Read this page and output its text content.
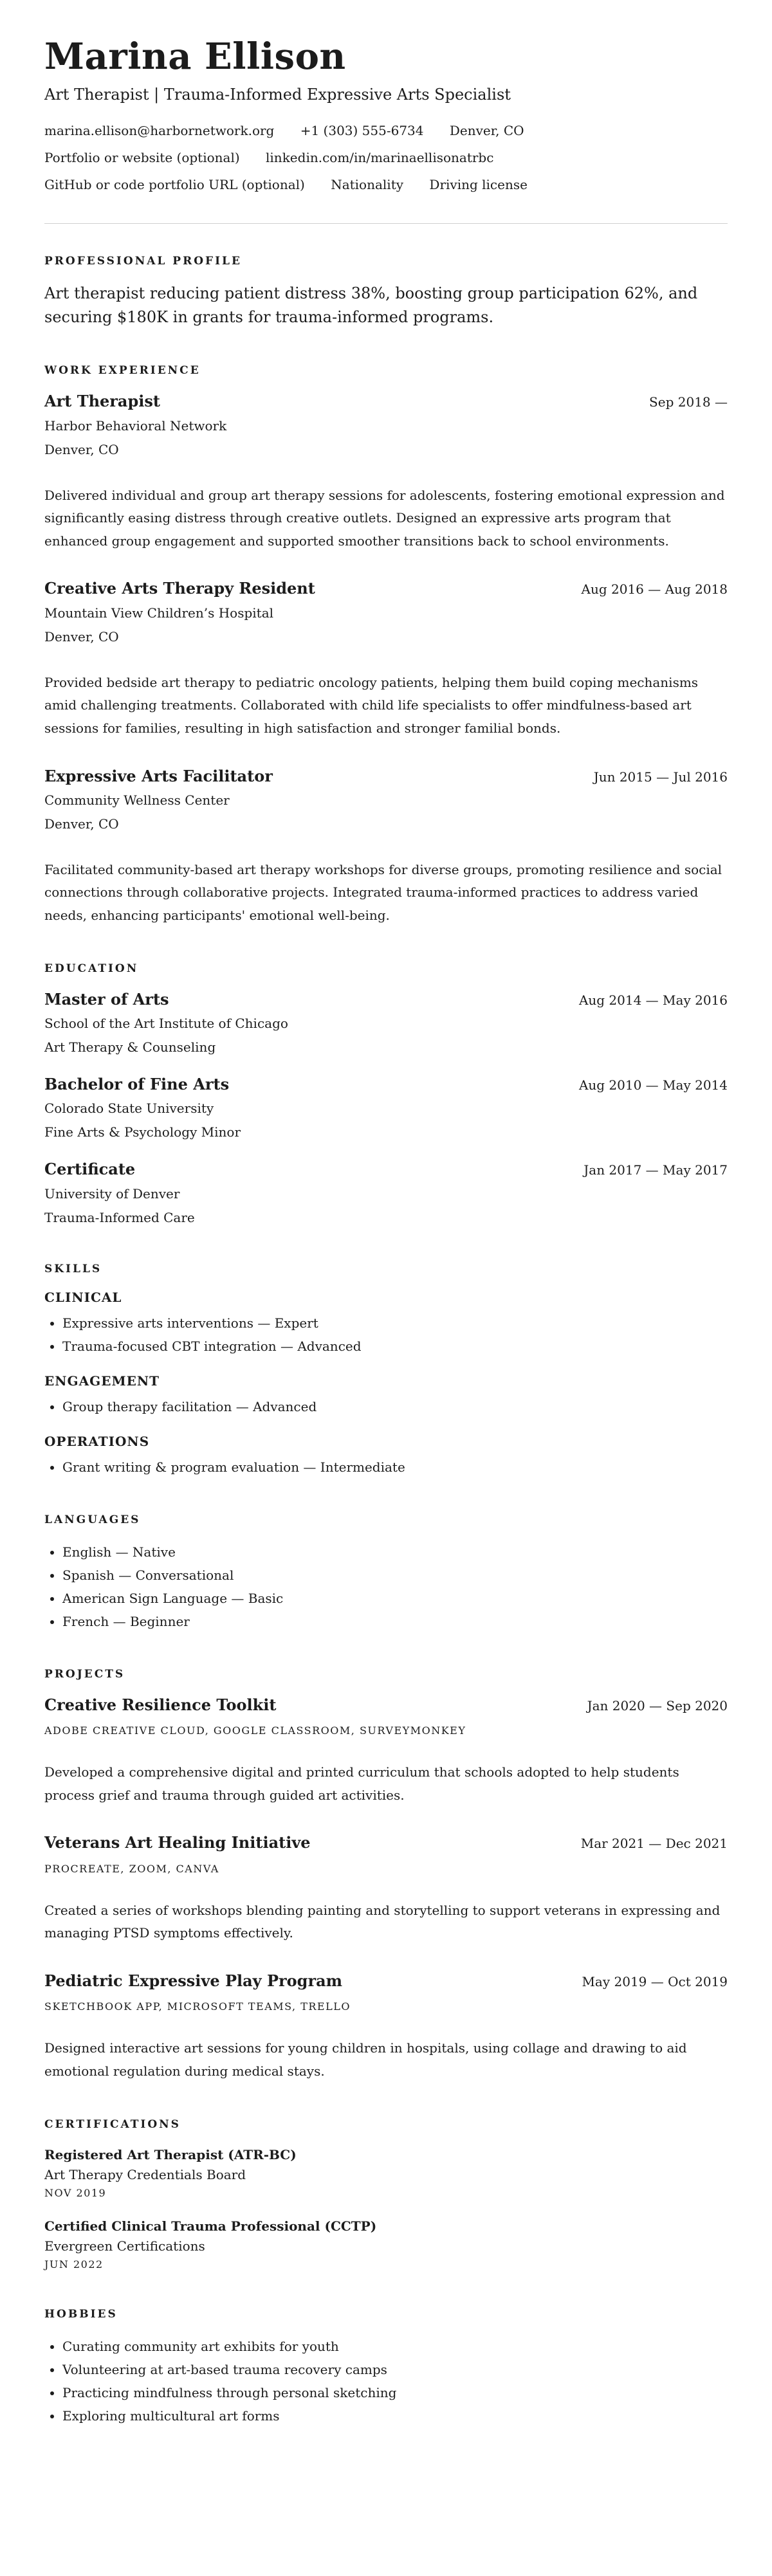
Marina Ellison
Art Therapist | Trauma-Informed Expressive Arts Specialist
marina.ellison@harbornetwork.org +1 (303) 555-6734 Denver, CO
Portfolio or website (optional) linkedin.com/in/marinaellisonatrbc
GitHub or code portfolio URL (optional) Nationality Driving license
PROFESSIONAL PROFILE

Art therapist reducing patient distress 38%, boosting group participation 62%, and securing $180K in grants for trauma-informed programs.

WORK EXPERIENCE
Art Therapist	Sep 2018 —
Harbor Behavioral Network
Denver, CO
Delivered individual and group art therapy sessions for adolescents, fostering emotional expression and significantly easing distress through creative outlets. Designed an expressive arts program that enhanced group engagement and supported smoother transitions back to school environments.
Creative Arts Therapy Resident	Aug 2016 — Aug 2018
Mountain View Children’s Hospital
Denver, CO
Provided bedside art therapy to pediatric oncology patients, helping them build coping mechanisms amid challenging treatments. Collaborated with child life specialists to offer mindfulness-based art sessions for families, resulting in high satisfaction and stronger familial bonds.
Expressive Arts Facilitator	Jun 2015 — Jul 2016
Community Wellness Center
Denver, CO
Facilitated community-based art therapy workshops for diverse groups, promoting resilience and social connections through collaborative projects. Integrated trauma-informed practices to address varied needs, enhancing participants' emotional well-being.
EDUCATION
Master of Arts	Aug 2014 — May 2016
School of the Art Institute of Chicago
Art Therapy & Counseling
Bachelor of Fine Arts	Aug 2010 — May 2014
Colorado State University
Fine Arts & Psychology Minor
Certificate	Jan 2017 — May 2017
University of Denver
Trauma-Informed Care
SKILLS
CLINICAL
• Expressive arts interventions — Expert
• Trauma-focused CBT integration — Advanced
ENGAGEMENT
• Group therapy facilitation — Advanced
OPERATIONS
• Grant writing & program evaluation — Intermediate
LANGUAGES
• English — Native
• Spanish — Conversational
• American Sign Language — Basic
• French — Beginner
PROJECTS
Creative Resilience Toolkit	Jan 2020 — Sep 2020
ADOBE CREATIVE CLOUD, GOOGLE CLASSROOM, SURVEYMONKEY
Developed a comprehensive digital and printed curriculum that schools adopted to help students process grief and trauma through guided art activities.
Veterans Art Healing Initiative	Mar 2021 — Dec 2021
PROCREATE, ZOOM, CANVA
Created a series of workshops blending painting and storytelling to support veterans in expressing and managing PTSD symptoms effectively.
Pediatric Expressive Play Program	May 2019 — Oct 2019
SKETCHBOOK APP, MICROSOFT TEAMS, TRELLO
Designed interactive art sessions for young children in hospitals, using collage and drawing to aid emotional regulation during medical stays.
CERTIFICATIONS
Registered Art Therapist (ATR-BC)
Art Therapy Credentials Board
NOV 2019
Certified Clinical Trauma Professional (CCTP)
Evergreen Certifications
JUN 2022
HOBBIES
• Curating community art exhibits for youth
• Volunteering at art-based trauma recovery camps
• Practicing mindfulness through personal sketching
• Exploring multicultural art forms
